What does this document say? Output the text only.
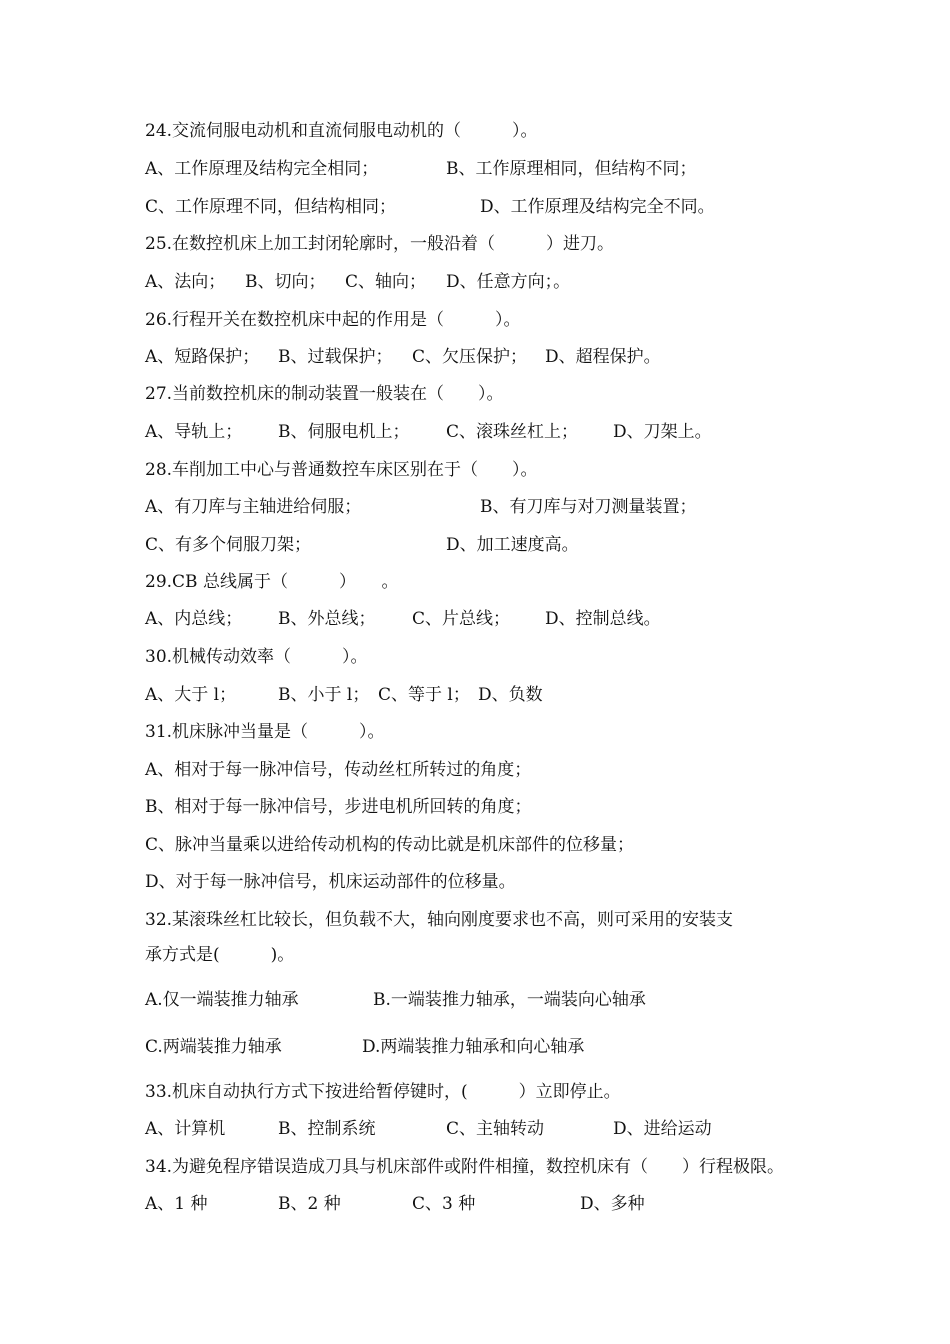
24.交流伺服电动机和直流伺服电动机的（　　　）。
A、工作原理及结构完全相同；	B、工作原理相同，但结构不同；
C、工作原理不同，但结构相同；	D、工作原理及结构完全不同。
25.在数控机床上加工封闭轮廓时，一般沿着（　　　）进刀。
A、法向； B、切向； C、轴向； D、任意方向；。
26.行程开关在数控机床中起的作用是（　　　）。
A、短路保护； B、过载保护； C、欠压保护； D、超程保护。
27.当前数控机床的制动装置一般装在（　　）。
A、导轨上； B、伺服电机上； C、滚珠丝杠上； D、刀架上。
28.车削加工中心与普通数控车床区别在于（　　）。
A、有刀库与主轴进给伺服；	B、有刀库与对刀测量装置；
C、有多个伺服刀架；	D、加工速度高。
29.CB 总线属于（　　　）　　。
A、内总线； B、外总线； C、片总线； D、控制总线。
30.机械传动效率（　　　）。
A、大于 l； B、小于 l； C、等于 l； D、负数
31.机床脉冲当量是（　　　）。
A、相对于每一脉冲信号，传动丝杠所转过的角度；
B、相对于每一脉冲信号，步进电机所回转的角度；
C、脉冲当量乘以进给传动机构的传动比就是机床部件的位移量；
D、对于每一脉冲信号，机床运动部件的位移量。
32.某滚珠丝杠比较长，但负载不大，轴向刚度要求也不高，则可采用的安装支
承方式是(　　　)。
A.仅一端装推力轴承	B.一端装推力轴承，一端装向心轴承
C.两端装推力轴承	D.两端装推力轴承和向心轴承
33.机床自动执行方式下按进给暂停键时，(　　　）立即停止。
A、计算机	B、控制系统	C、主轴转动	D、进给运动
34.为避免程序错误造成刀具与机床部件或附件相撞，数控机床有（　　）行程极限。
A、1 种	B、2 种	C、3 种	D、多种
